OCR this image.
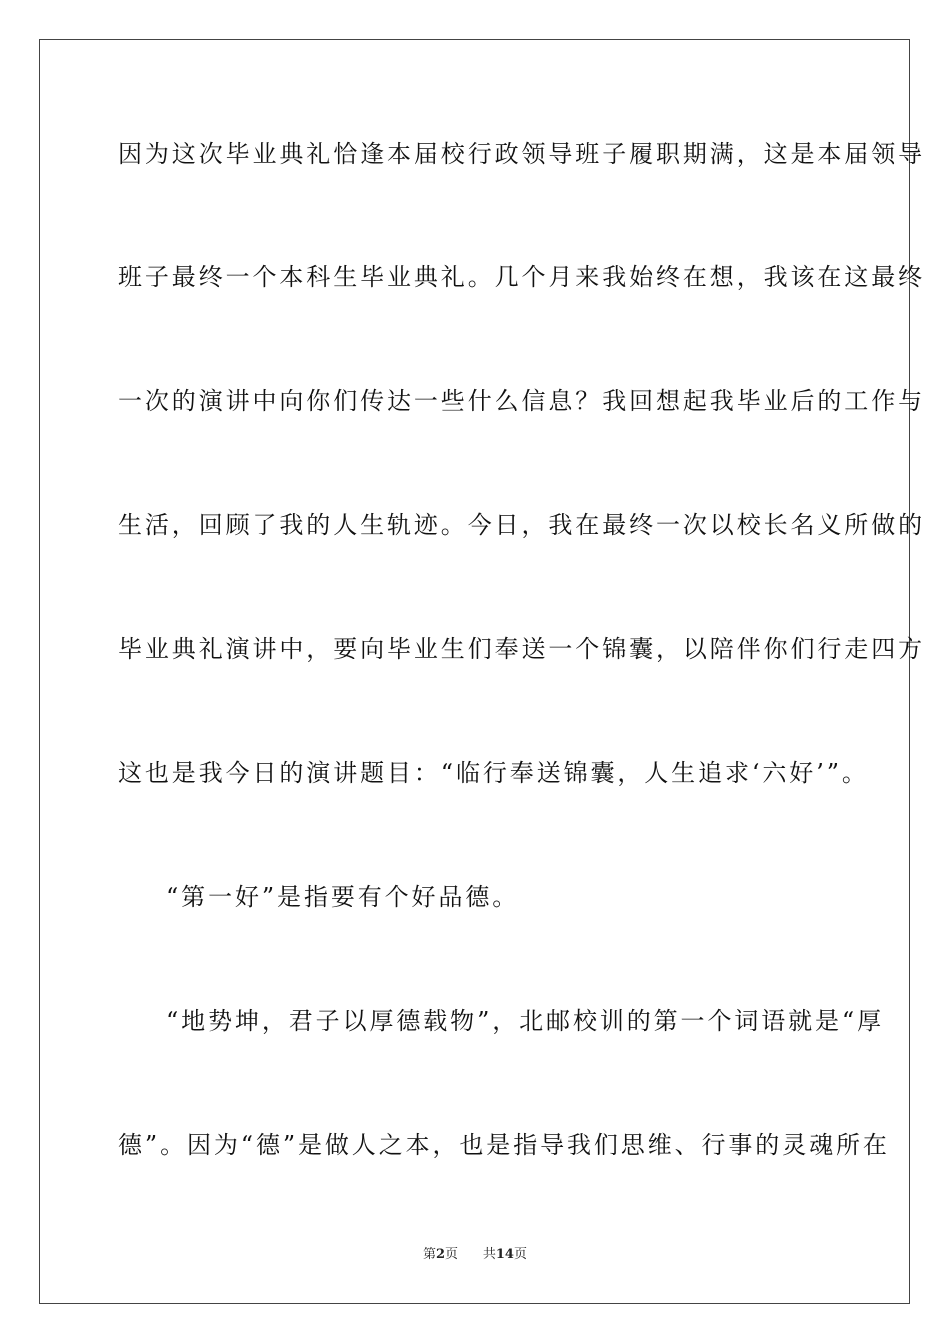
因为这次毕业典礼恰逢本届校行政领导班子履职期满，这是本届领导
班子最终一个本科生毕业典礼。几个月来我始终在想，我该在这最终
一次的演讲中向你们传达一些什么信息？我回想起我毕业后的工作与
生活，回顾了我的人生轨迹。今日，我在最终一次以校长名义所做的
毕业典礼演讲中，要向毕业生们奉送一个锦囊，以陪伴你们行走四方
这也是我今日的演讲题目：“临行奉送锦囊，人生追求‘六好’”。
“第一好”是指要有个好品德。
“地势坤，君子以厚德载物”，北邮校训的第一个词语就是“厚
德”。因为“德”是做人之本，也是指导我们思维、行事的灵魂所在
第2页 共14页
